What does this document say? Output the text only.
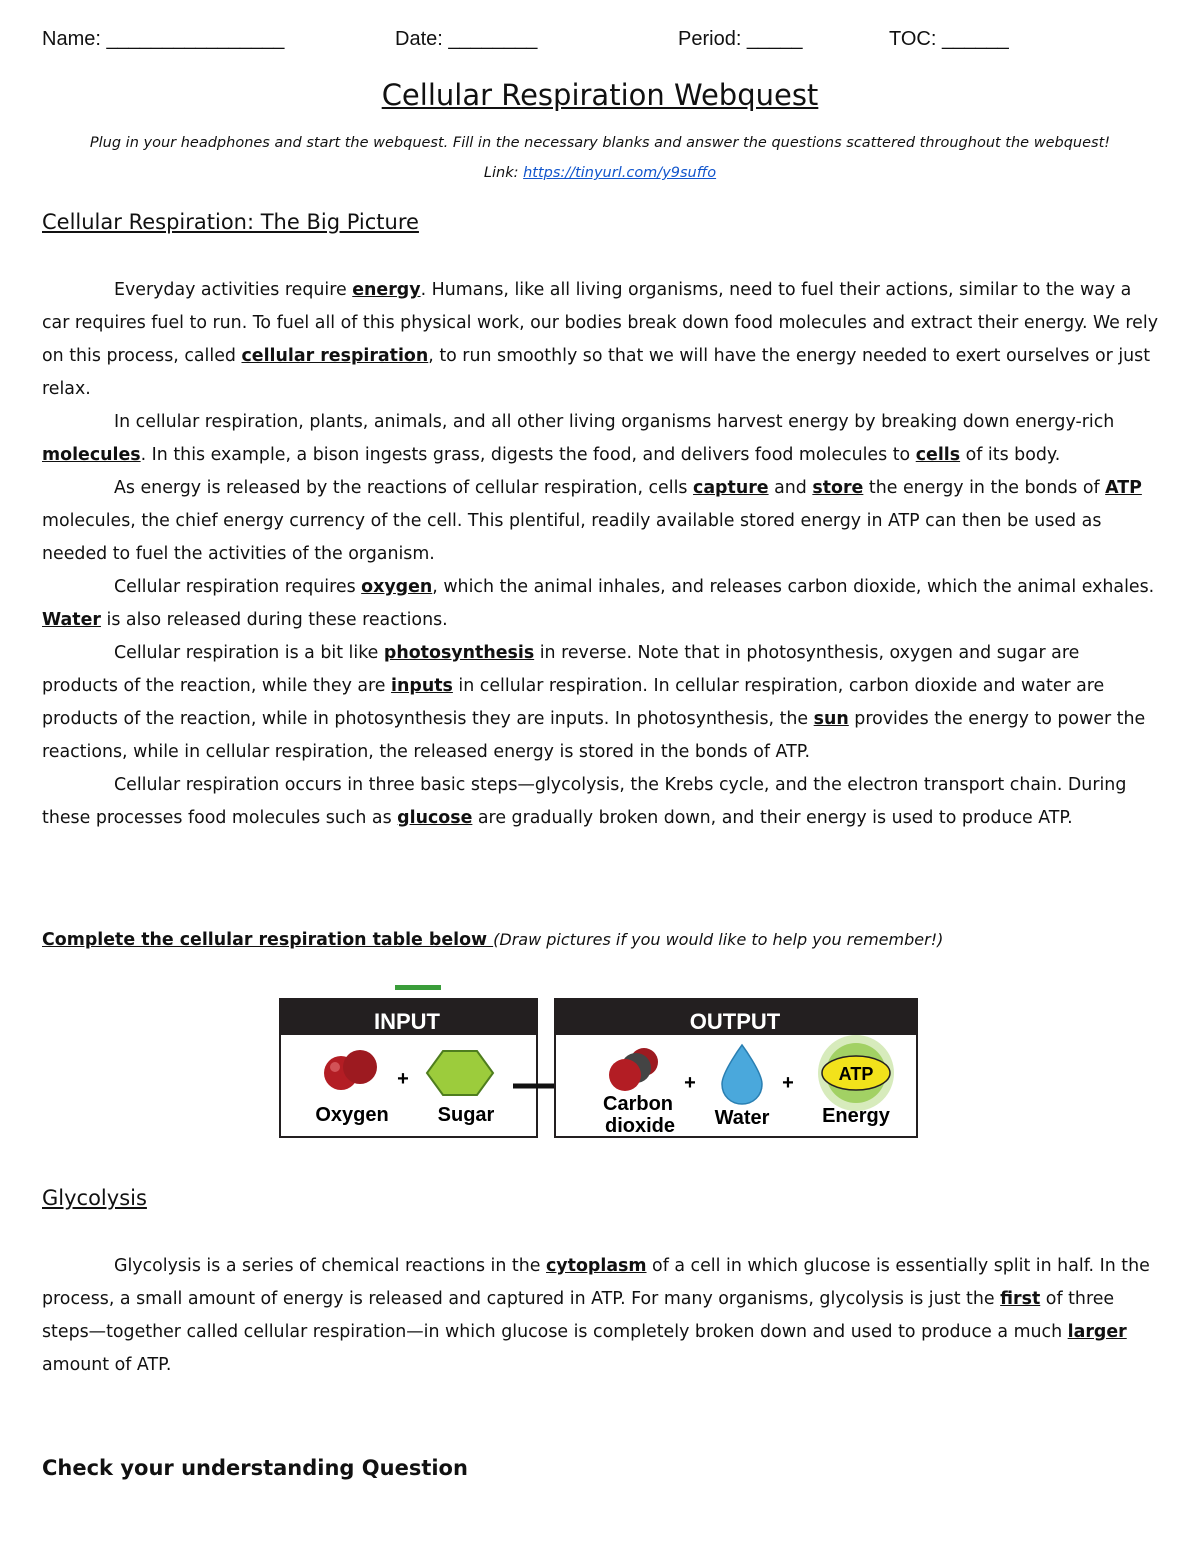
Name: ________________	Date: ________	Period: _____	TOC: ______
Cellular Respiration Webquest
Plug in your headphones and start the webquest. Fill in the necessary blanks and answer the questions scattered throughout the webquest!
Link: https://tinyurl.com/y9suffo
Cellular Respiration: The Big Picture

Everyday activities require energy. Humans, like all living organisms, need to fuel their actions, similar to the way a car requires fuel to run. To fuel all of this physical work, our bodies break down food molecules and extract their energy. We rely on this process, called cellular respiration, to run smoothly so that we will have the energy needed to exert ourselves or just relax.

In cellular respiration, plants, animals, and all other living organisms harvest energy by breaking down energy-rich molecules. In this example, a bison ingests grass, digests the food, and delivers food molecules to cells of its body.

As energy is released by the reactions of cellular respiration, cells capture and store the energy in the bonds of ATP molecules, the chief energy currency of the cell. This plentiful, readily available stored energy in ATP can then be used as needed to fuel the activities of the organism.

Cellular respiration requires oxygen, which the animal inhales, and releases carbon dioxide, which the animal exhales. Water is also released during these reactions.

Cellular respiration is a bit like photosynthesis in reverse. Note that in photosynthesis, oxygen and sugar are products of the reaction, while they are inputs in cellular respiration. In cellular respiration, carbon dioxide and water are products of the reaction, while in photosynthesis they are inputs. In photosynthesis, the sun provides the energy to power the reactions, while in cellular respiration, the released energy is stored in the bonds of ATP.

Cellular respiration occurs in three basic steps—glycolysis, the Krebs cycle, and the electron transport chain. During these processes food molecules such as glucose are gradually broken down, and their energy is used to produce ATP.

Complete the cellular respiration table below (Draw pictures if you would like to help you remember!)
INPUT
+
Oxygen Sugar
OUTPUT
+	+ ATP
Carbon
dioxide Water	Energy
Glycolysis

Glycolysis is a series of chemical reactions in the cytoplasm of a cell in which glucose is essentially split in half. In the process, a small amount of energy is released and captured in ATP. For many organisms, glycolysis is just the first of three steps—together called cellular respiration—in which glucose is completely broken down and used to produce a much larger amount of ATP.

Check your understanding Question
